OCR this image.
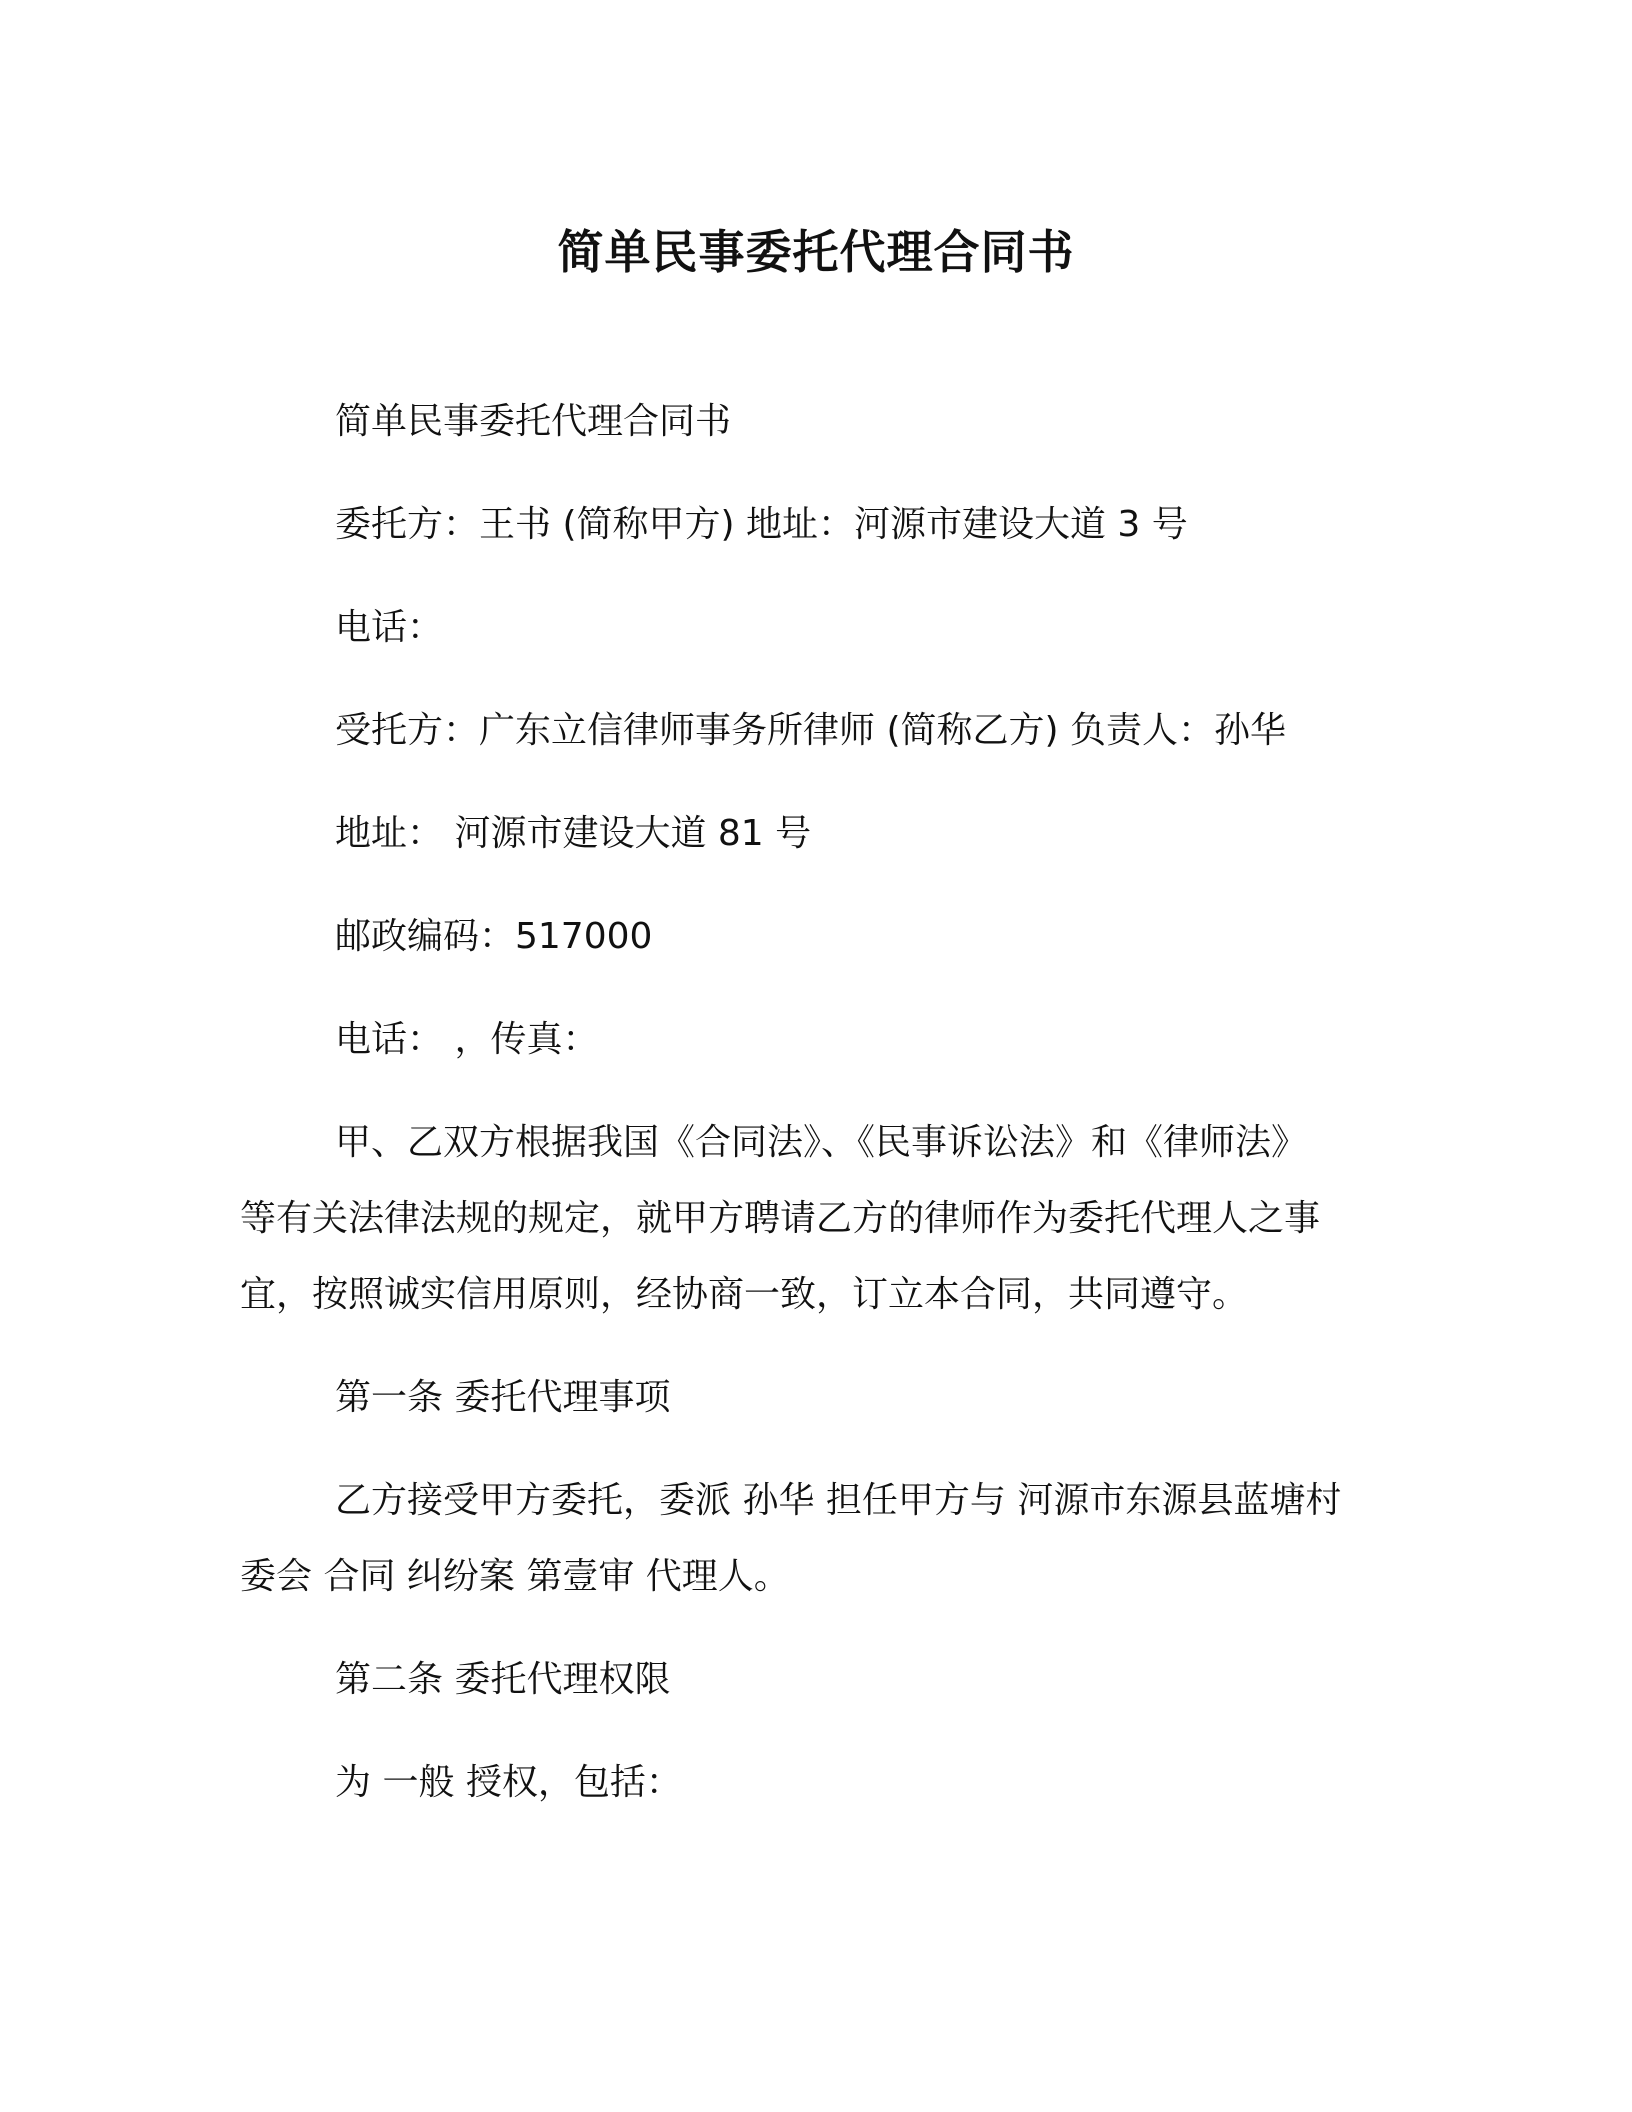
简单民事委托代理合同书
简单民事委托代理合同书
委托方：王书 (简称甲方) 地址：河源市建设大道 3 号
电话：
受托方：广东立信律师事务所律师 (简称乙方) 负责人：孙华
地址： 河源市建设大道 81 号
邮政编码：517000
电话： ，传真：
甲、乙双方根据我国《合同法》、《民事诉讼法》和《律师法》
等有关法律法规的规定，就甲方聘请乙方的律师作为委托代理人之事
宜，按照诚实信用原则，经协商一致，订立本合同，共同遵守。
第一条 委托代理事项
乙方接受甲方委托，委派 孙华 担任甲方与 河源市东源县蓝塘村
委会 合同 纠纷案 第壹审 代理人。
第二条 委托代理权限
为 一般 授权，包括：
